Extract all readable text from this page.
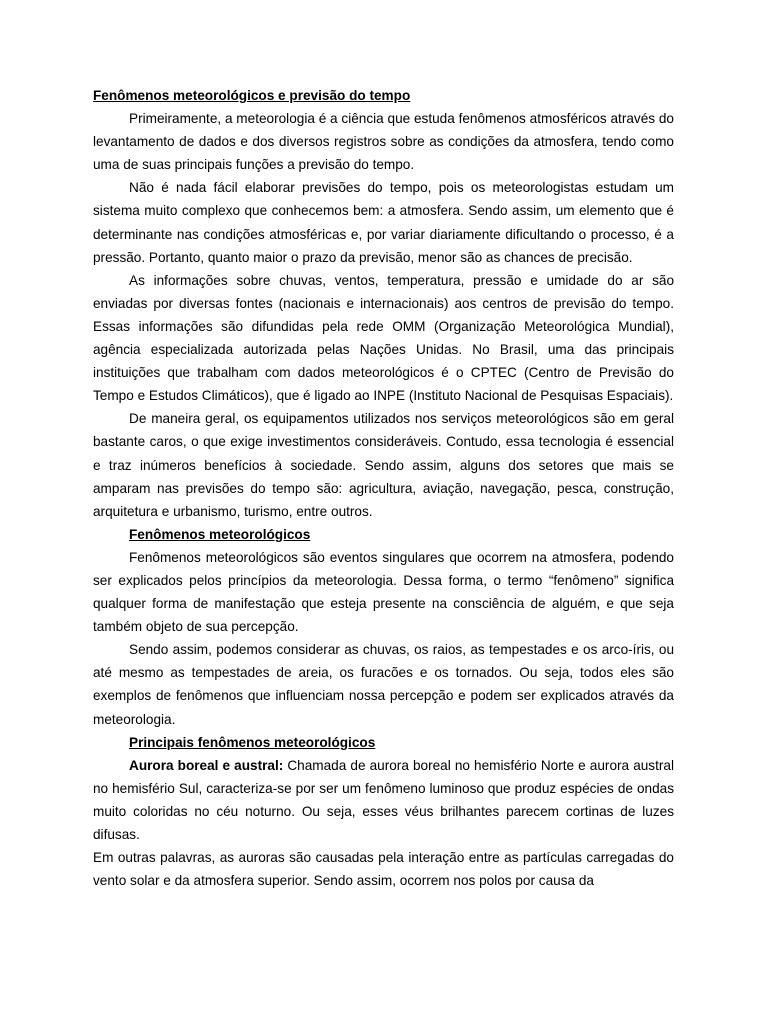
Fenômenos meteorológicos e previsão do tempo

Primeiramente, a meteorologia é a ciência que estuda fenômenos atmosféricos através do levantamento de dados e dos diversos registros sobre as condições da atmosfera, tendo como uma de suas principais funções a previsão do tempo.

Não é nada fácil elaborar previsões do tempo, pois os meteorologistas estudam um sistema muito complexo que conhecemos bem: a atmosfera. Sendo assim, um elemento que é determinante nas condições atmosféricas e, por variar diariamente dificultando o processo, é a pressão. Portanto, quanto maior o prazo da previsão, menor são as chances de precisão.

As informações sobre chuvas, ventos, temperatura, pressão e umidade do ar são enviadas por diversas fontes (nacionais e internacionais) aos centros de previsão do tempo. Essas informações são difundidas pela rede OMM (Organização Meteorológica Mundial), agência especializada autorizada pelas Nações Unidas. No Brasil, uma das principais instituições que trabalham com dados meteorológicos é o CPTEC (Centro de Previsão do Tempo e Estudos Climáticos), que é ligado ao INPE (Instituto Nacional de Pesquisas Espaciais).

De maneira geral, os equipamentos utilizados nos serviços meteorológicos são em geral bastante caros, o que exige investimentos consideráveis. Contudo, essa tecnologia é essencial e traz inúmeros benefícios à sociedade. Sendo assim, alguns dos setores que mais se amparam nas previsões do tempo são: agricultura, aviação, navegação, pesca, construção, arquitetura e urbanismo, turismo, entre outros.

Fenômenos meteorológicos

Fenômenos meteorológicos são eventos singulares que ocorrem na atmosfera, podendo ser explicados pelos princípios da meteorologia. Dessa forma, o termo “fenômeno” significa qualquer forma de manifestação que esteja presente na consciência de alguém, e que seja também objeto de sua percepção.

Sendo assim, podemos considerar as chuvas, os raios, as tempestades e os arco-íris, ou até mesmo as tempestades de areia, os furacões e os tornados. Ou seja, todos eles são exemplos de fenômenos que influenciam nossa percepção e podem ser explicados através da meteorologia.

Principais fenômenos meteorológicos

Aurora boreal e austral: Chamada de aurora boreal no hemisfério Norte e aurora austral no hemisfério Sul, caracteriza-se por ser um fenômeno luminoso que produz espécies de ondas muito coloridas no céu noturno. Ou seja, esses véus brilhantes parecem cortinas de luzes difusas.

Em outras palavras, as auroras são causadas pela interação entre as partículas carregadas do vento solar e da atmosfera superior. Sendo assim, ocorrem nos polos por causa da
